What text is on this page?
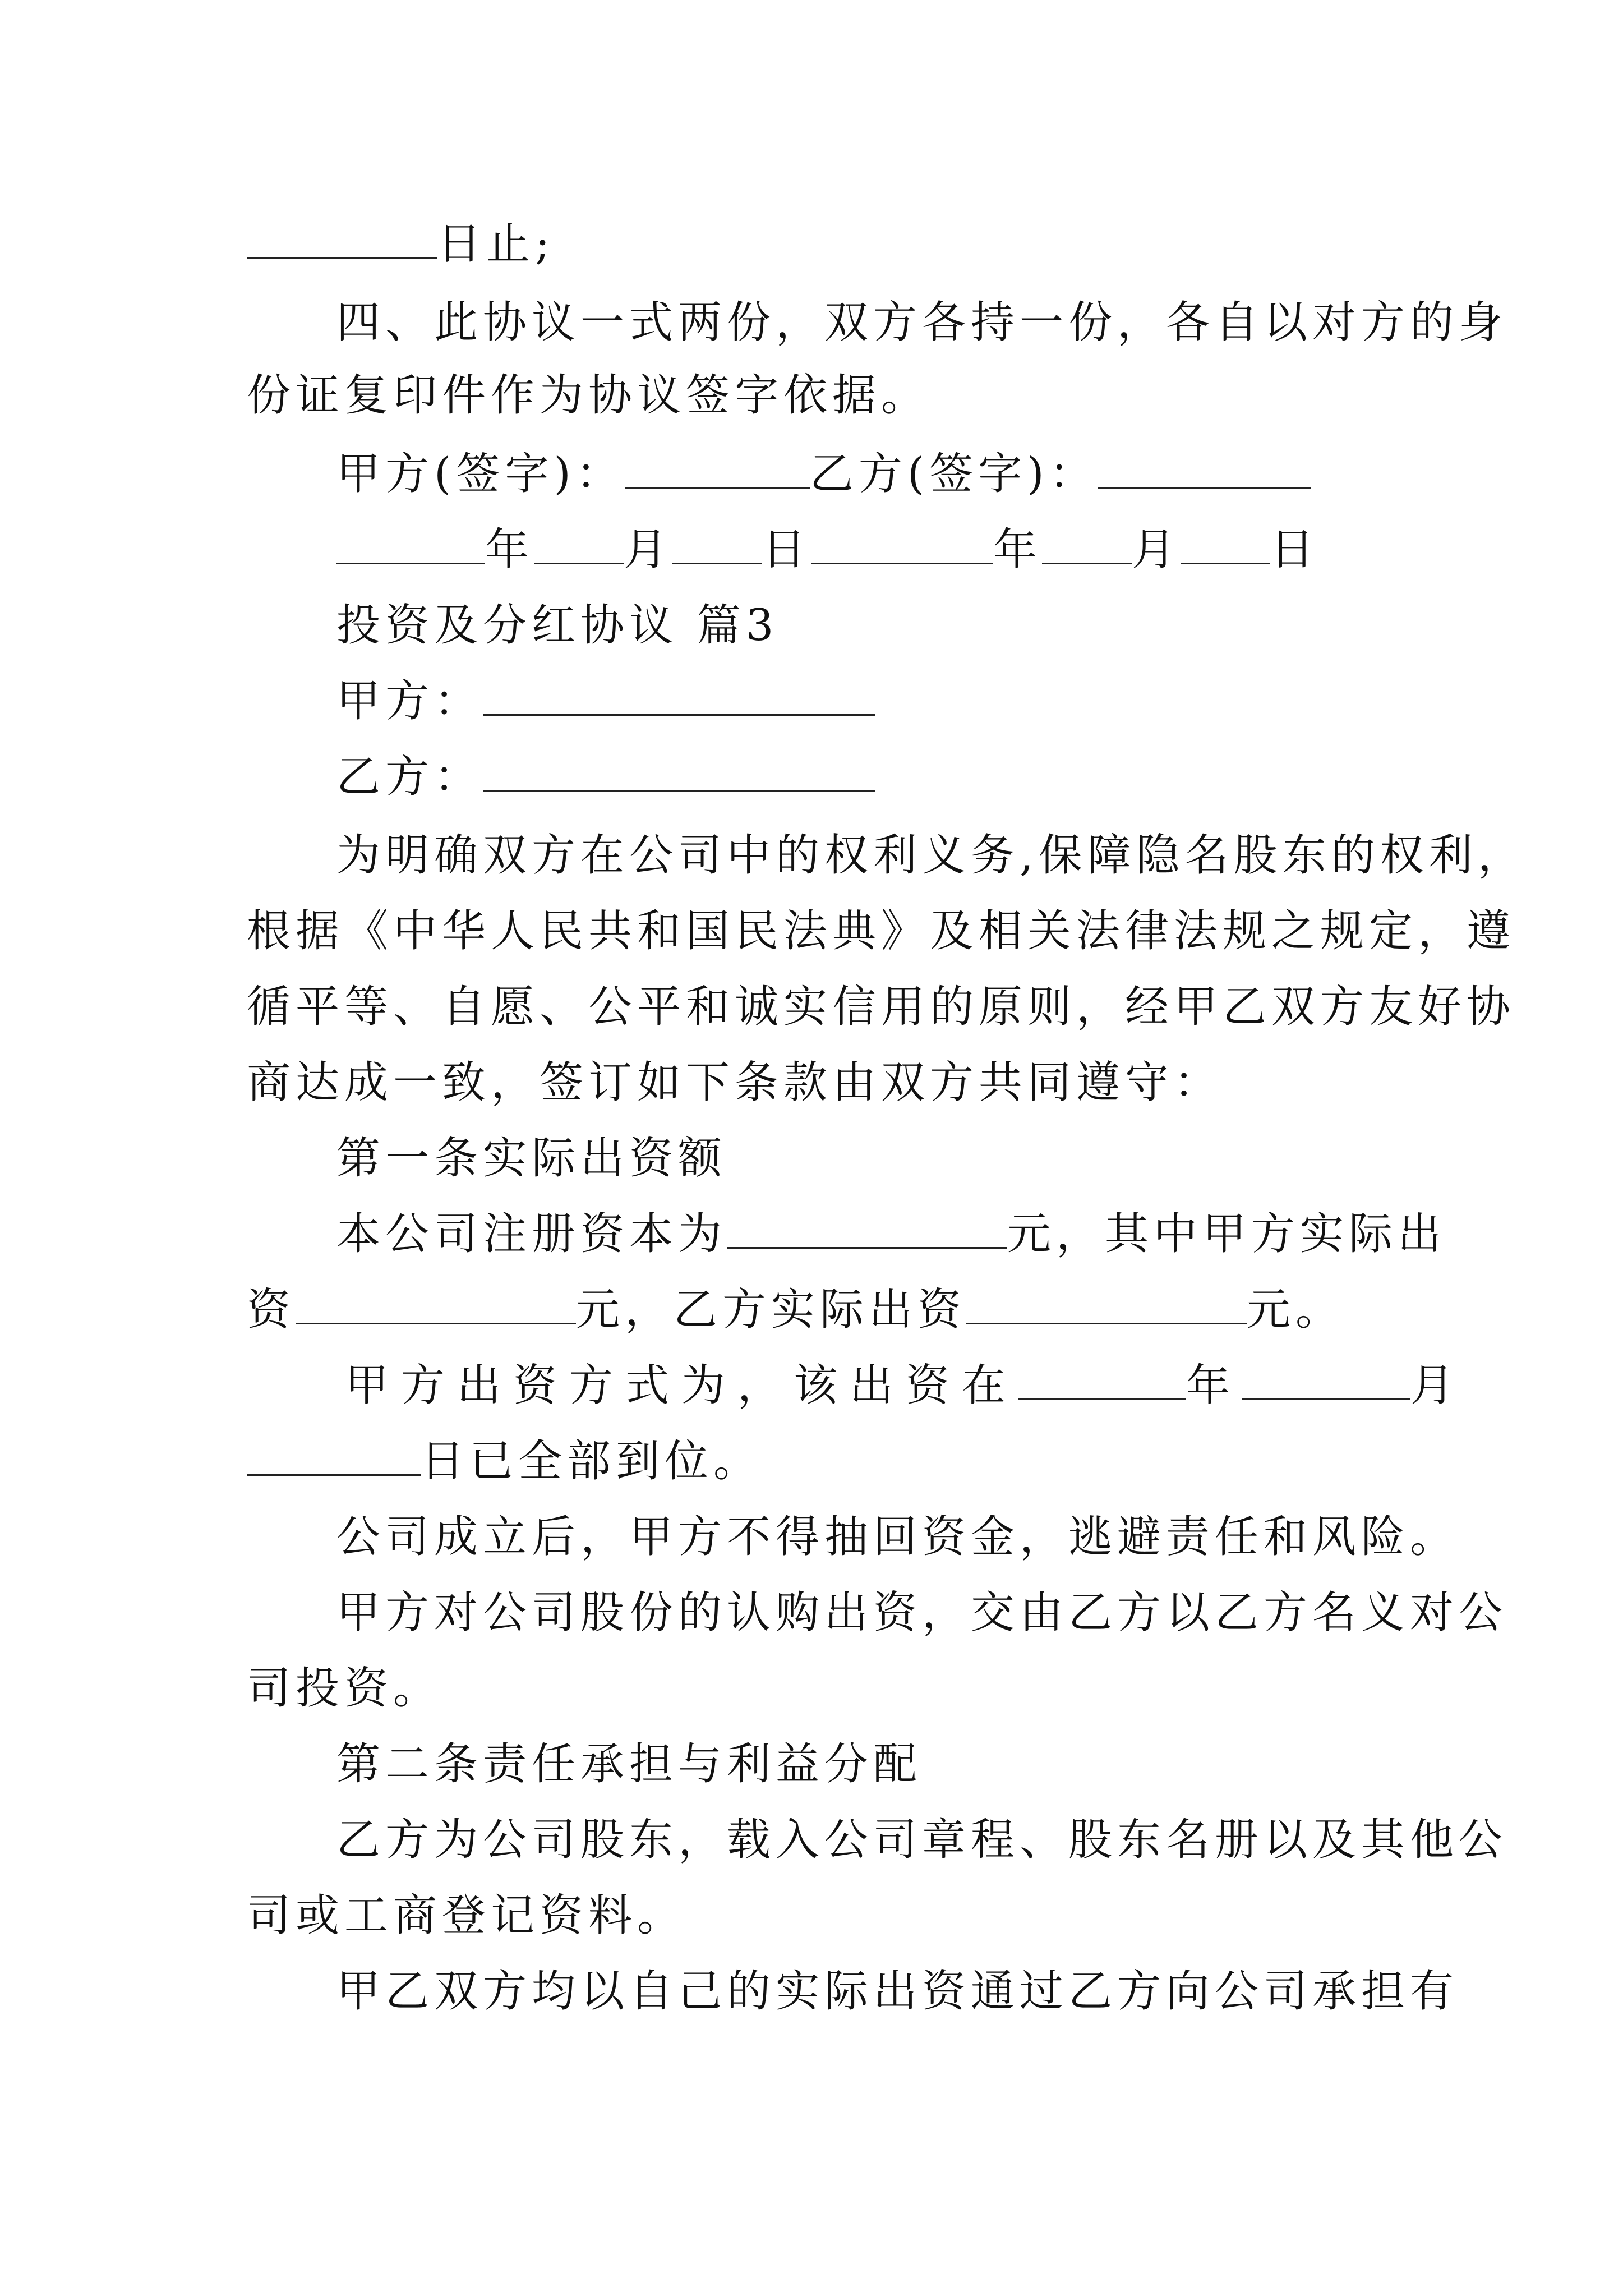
日止;
四、此协议一式两份，双方各持一份，各自以对方的身
份证复印件作为协议签字依据。
甲方(签字)：	乙方(签字)：
年 月 日	年 月 日
投资及分红协议 篇3
甲方：
乙方：
为明确双方在公司中的权利义务,保障隐名股东的权利，
根据《中华人民共和国民法典》及相关法律法规之规定，遵
循平等、自愿、公平和诚实信用的原则，经甲乙双方友好协
商达成一致，签订如下条款由双方共同遵守：
第一条实际出资额
本公司注册资本为	元，其中甲方实际出
资	元，乙方实际出资	元。
甲方出资方式为，该出资在	年	月
日已全部到位。
公司成立后，甲方不得抽回资金，逃避责任和风险。
甲方对公司股份的认购出资，交由乙方以乙方名义对公
司投资。
第二条责任承担与利益分配
乙方为公司股东，载入公司章程、股东名册以及其他公
司或工商登记资料。
甲乙双方均以自己的实际出资通过乙方向公司承担有
